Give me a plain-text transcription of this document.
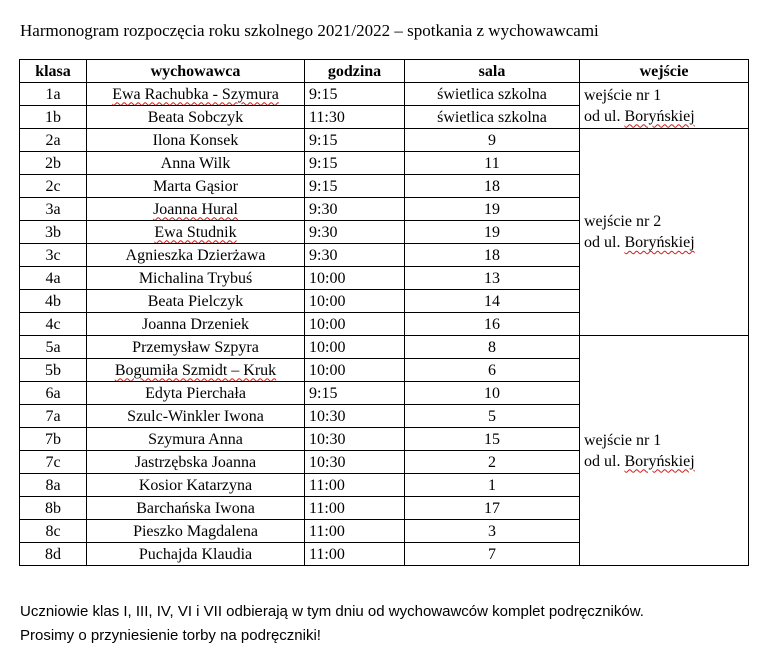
Harmonogram rozpoczęcia roku szkolnego 2021/2022 – spotkania z wychowawcami
klasa	wychowawca	godzina	sala	wejście
1a	Ewa Rachubka - Szymura	9:15	świetlica szkolna	wejście nr 1
od ul. Boryńskiej

1b	Beata Sobczyk	11:30	świetlica szkolna	
2a	Ilona Konsek	9:15	9	wejście nr 2
od ul. Boryńskiej

2b	Anna Wilk	9:15	11	
2c	Marta Gąsior	9:15	18	
3a	Joanna Hural	9:30	19	
3b	Ewa Studnik	9:30	19	
3c	Agnieszka Dzierżawa	9:30	18	
4a	Michalina Trybuś	10:00	13	
4b	Beata Pielczyk	10:00	14	
4c	Joanna Drzeniek	10:00	16	
5a	Przemysław Szpyra	10:00	8	wejście nr 1
od ul. Boryńskiej

5b	Bogumiła Szmidt – Kruk	10:00	6	
6a	Edyta Pierchała	9:15	10	
7a	Szulc-Winkler Iwona	10:30	5	
7b	Szymura Anna	10:30	15	
7c	Jastrzębska Joanna	10:30	2	
8a	Kosior Katarzyna	11:00	1	
8b	Barchańska Iwona	11:00	17	
8c	Pieszko Magdalena	11:00	3	
8d	Puchajda Klaudia	11:00	7	
Uczniowie klas I, III, IV, VI i VII odbierają w tym dniu od wychowawców komplet podręczników.
Prosimy o przyniesienie torby na podręczniki!
